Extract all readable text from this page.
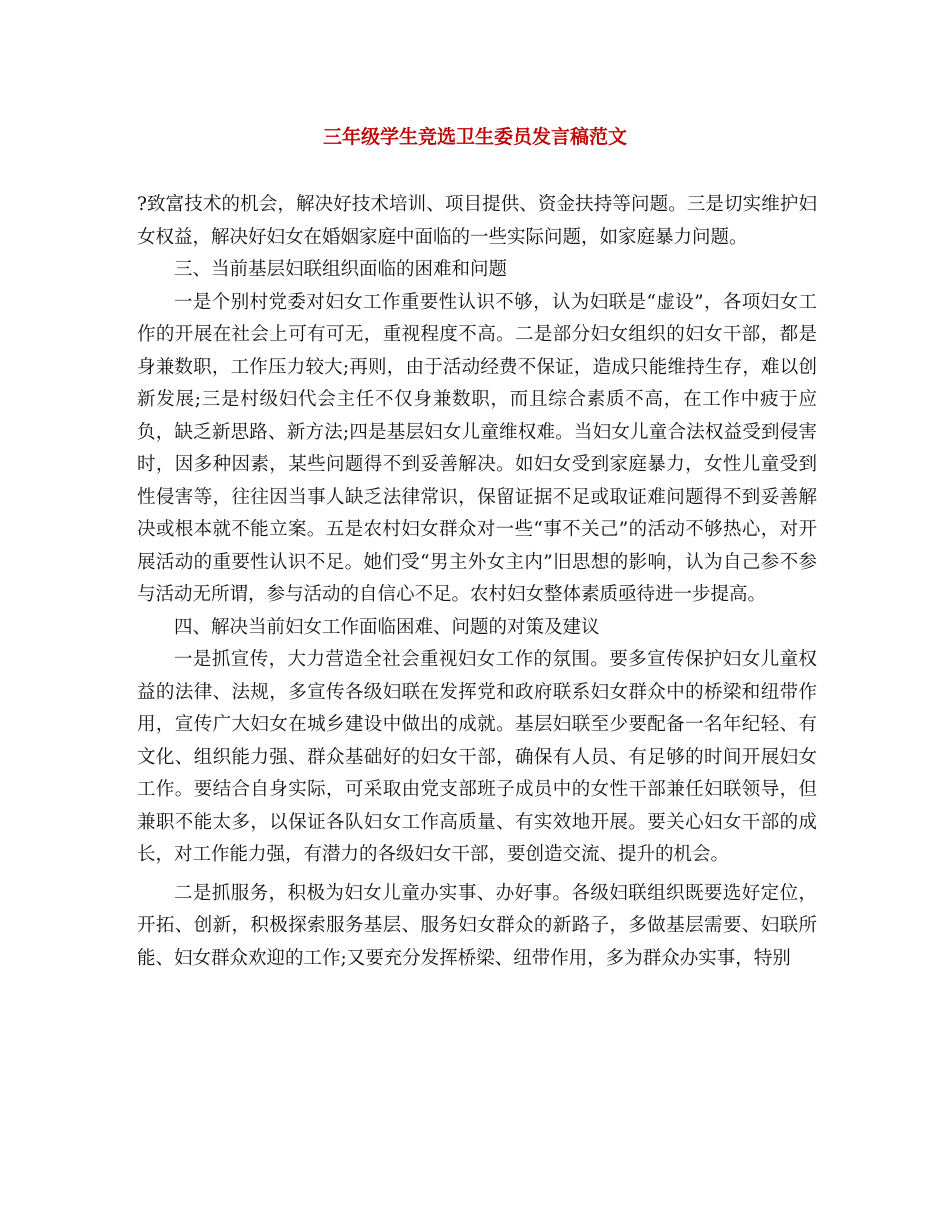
三年级学生竞选卫生委员发言稿范文

?致富技术的机会，解决好技术培训、项目提供、资金扶持等问题。三是切实维护妇女权益，解决好妇女在婚姻家庭中面临的一些实际问题，如家庭暴力问题。

三、当前基层妇联组织面临的困难和问题

一是个别村党委对妇女工作重要性认识不够，认为妇联是“虚设”，各项妇女工作的开展在社会上可有可无，重视程度不高。二是部分妇女组织的妇女干部，都是身兼数职，工作压力较大;再则，由于活动经费不保证，造成只能维持生存，难以创新发展;三是村级妇代会主任不仅身兼数职，而且综合素质不高，在工作中疲于应负，缺乏新思路、新方法;四是基层妇女儿童维权难。当妇女儿童合法权益受到侵害时，因多种因素，某些问题得不到妥善解决。如妇女受到家庭暴力，女性儿童受到性侵害等，往往因当事人缺乏法律常识，保留证据不足或取证难问题得不到妥善解决或根本就不能立案。五是农村妇女群众对一些“事不关己”的活动不够热心，对开展活动的重要性认识不足。她们受“男主外女主内”旧思想的影响，认为自己参不参与活动无所谓，参与活动的自信心不足。农村妇女整体素质亟待进一步提高。

四、解决当前妇女工作面临困难、问题的对策及建议

一是抓宣传，大力营造全社会重视妇女工作的氛围。要多宣传保护妇女儿童权益的法律、法规，多宣传各级妇联在发挥党和政府联系妇女群众中的桥梁和纽带作用，宣传广大妇女在城乡建设中做出的成就。基层妇联至少要配备一名年纪轻、有文化、组织能力强、群众基础好的妇女干部，确保有人员、有足够的时间开展妇女工作。要结合自身实际，可采取由党支部班子成员中的女性干部兼任妇联领导，但兼职不能太多，以保证各队妇女工作高质量、有实效地开展。要关心妇女干部的成长，对工作能力强，有潜力的各级妇女干部，要创造交流、提升的机会。

二是抓服务，积极为妇女儿童办实事、办好事。各级妇联组织既要选好定位，开拓、创新，积极探索服务基层、服务妇女群众的新路子，多做基层需要、妇联所能、妇女群众欢迎的工作;又要充分发挥桥梁、纽带作用，多为群众办实事，特别
